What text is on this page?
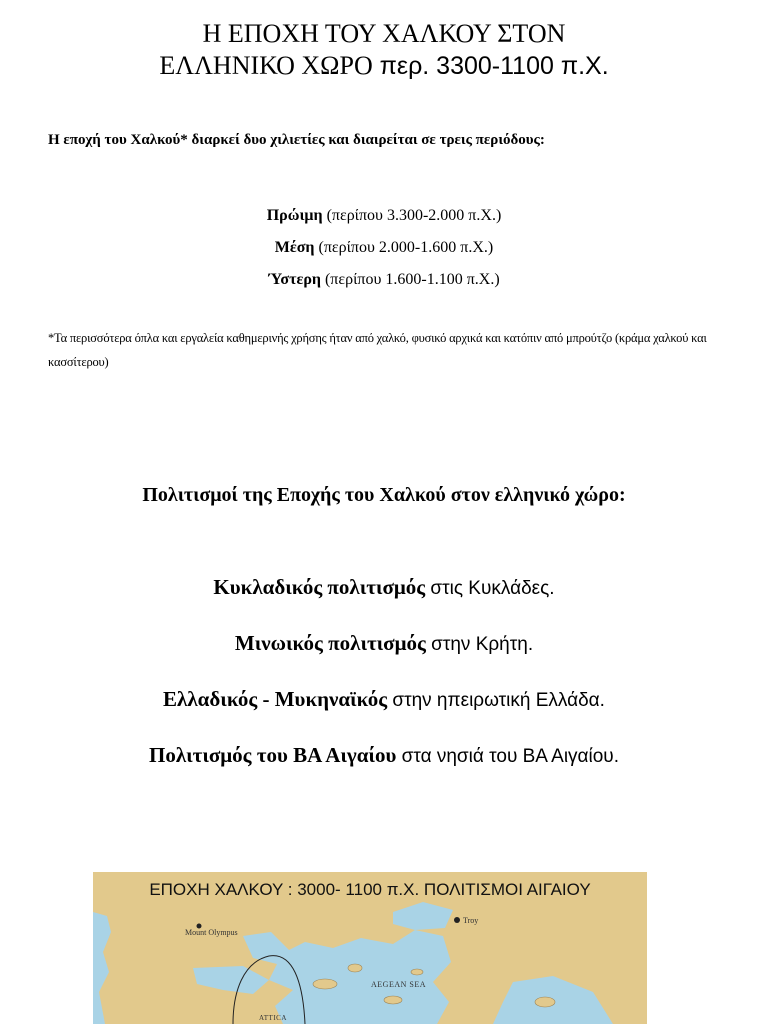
Η ΕΠΟΧΗ ΤΟΥ ΧΑΛΚΟΥ ΣΤΟΝ
ΕΛΛΗΝΙΚΟ ΧΩΡΟ περ. 3300-1100 π.Χ.
Η εποχή του Χαλκού* διαρκεί δυο χιλιετίες και διαιρείται σε τρεις περιόδους:
Πρώιμη (περίπου 3.300-2.000 π.Χ.)
Μέση (περίπου 2.000-1.600 π.Χ.)
Ύστερη (περίπου 1.600-1.100 π.Χ.)
*Τα περισσότερα όπλα και εργαλεία καθημερινής χρήσης ήταν από χαλκό, φυσικό αρχικά και κατόπιν από μπρούτζο (κράμα χαλκού και κασσίτερου)
Πολιτισμοί της Εποχής του Χαλκού στον ελληνικό χώρο:
Κυκλαδικός πολιτισμός στις Κυκλάδες.
Μινωικός πολιτισμός στην Κρήτη.
Ελλαδικός - Μυκηναϊκός στην ηπειρωτική Ελλάδα.
Πολιτισμός του ΒΑ Αιγαίου στα νησιά του ΒΑ Αιγαίου.
ΕΠΟΧΗ ΧΑΛΚΟΥ : 3000- 1100 π.Χ. ΠΟΛΙΤΙΣΜΟΙ ΑΙΓΑΙΟΥ
Mount Olympus
Troy
AEGEAN SEA
ATTICA
